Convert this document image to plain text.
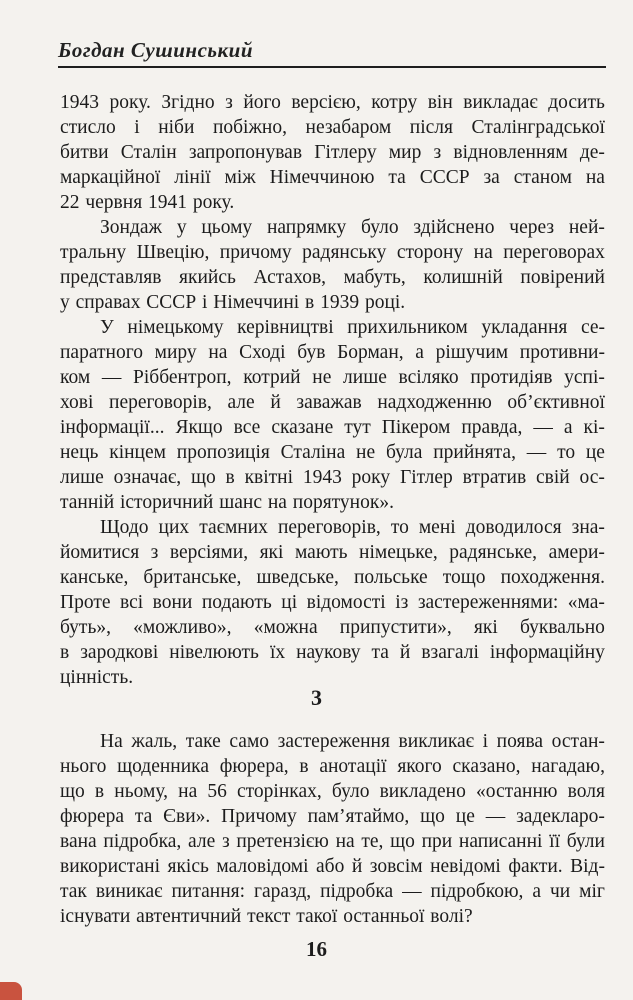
Богдан Сушинський
1943 року. Згідно з його версією, котру він викладає досить
стисло і ніби побіжно, незабаром після Сталінградської
битви Сталін запропонував Гітлеру мир з відновленням де-
маркаційної лінії між Німеччиною та СССР за станом на
22 червня 1941 року.
Зондаж у цьому напрямку було здійснено через ней-
тральну Швецію, причому радянську сторону на переговорах
представляв якийсь Астахов, мабуть, колишній повірений
у справах СССР і Німеччині в 1939 році.
У німецькому керівництві прихильником укладання се-
паратного миру на Сході був Борман, а рішучим противни-
ком — Ріббентроп, котрий не лише всіляко протидіяв успі-
хові переговорів, але й заважав надходженню об’єктивної
інформації... Якщо все сказане тут Пікером правда, — а кі-
нець кінцем пропозиція Сталіна не була прийнята, — то це
лише означає, що в квітні 1943 року Гітлер втратив свій ос-
танній історичний шанс на порятунок».
Щодо цих таємних переговорів, то мені доводилося зна-
йомитися з версіями, які мають німецьке, радянське, амери-
канське, британське, шведське, польське тощо походження.
Проте всі вони подають ці відомості із застереженнями: «ма-
буть», «можливо», «можна припустити», які буквально
в зародкові нівелюють їх наукову та й взагалі інформаційну
цінність.
3
На жаль, таке само застереження викликає і поява остан-
нього щоденника фюрера, в анотації якого сказано, нагадаю,
що в ньому, на 56 сторінках, було викладено «останню воля
фюрера та Єви». Причому пам’ятаймо, що це — задеклaро-
вана підробка, але з претензією на те, що при написанні її були
використані якісь маловідомі або й зовсім невідомі факти. Від-
так виникає питання: гаразд, підробка — підробкою, а чи міг
існувати автентичний текст такої останньої волі?
16
